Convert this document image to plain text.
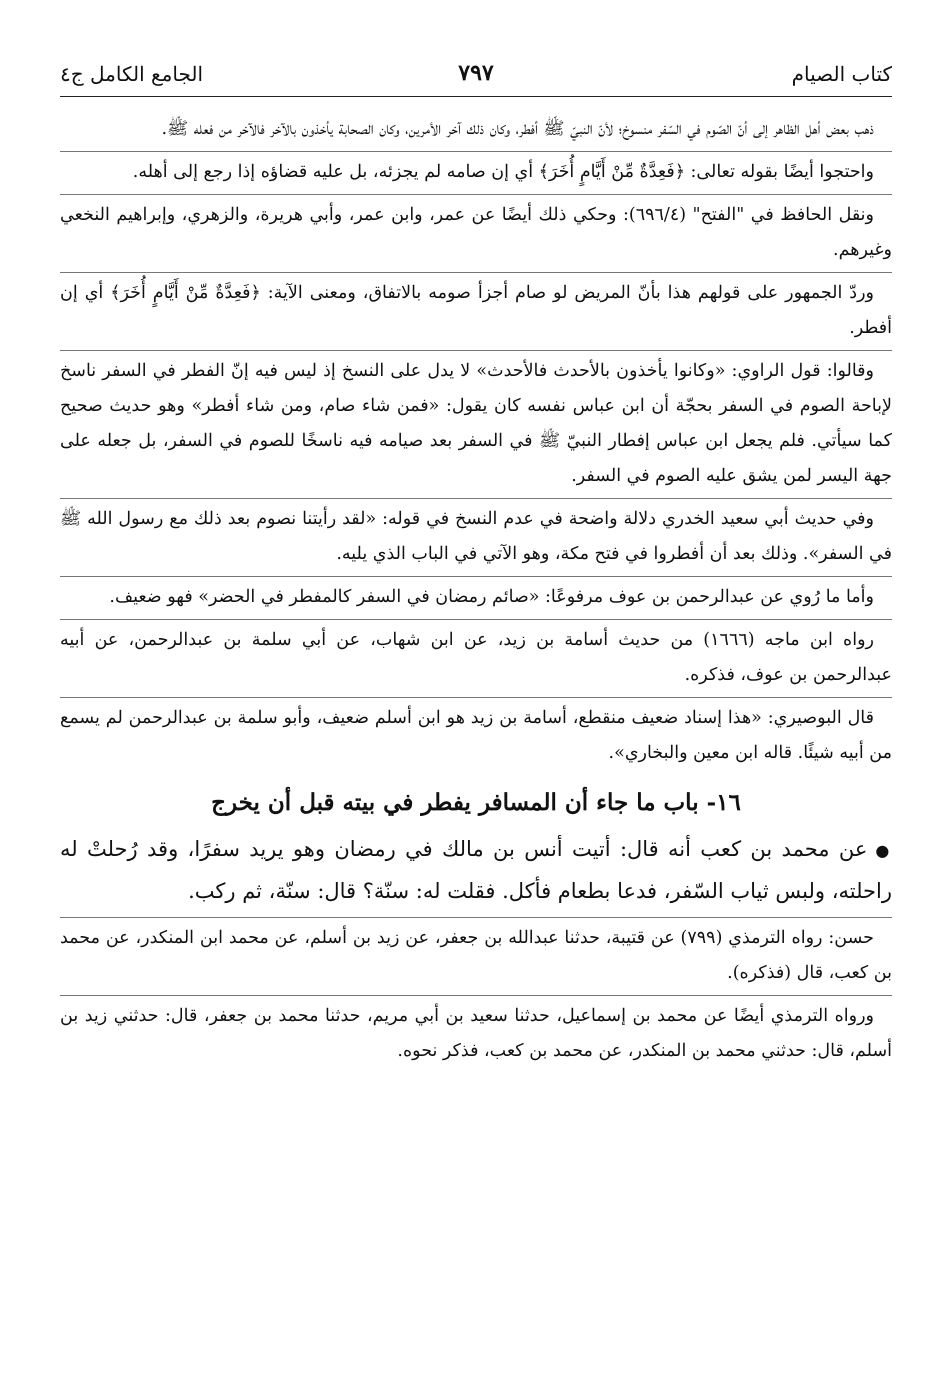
كتاب الصيام
٧٩٧
الجامع الكامل ج٤

ذهب بعض أهل الظاهر إلى أنّ الصّوم في السّفر منسوخ؛ لأنّ النبيّ ﷺ أفطر، وكان ذلك آخر الأمرين، وكان الصحابة يأخذون بالآخر فالآخر من فعله ﷺ.

واحتجوا أيضًا بقوله تعالى: ﴿فَعِدَّةٌ مِّنْ أَيَّامٍ أُخَرَ﴾ أي إن صامه لم يجزئه، بل عليه قضاؤه إذا رجع إلى أهله.

ونقل الحافظ في "الفتح" (٦٩٦/٤): وحكي ذلك أيضًا عن عمر، وابن عمر، وأبي هريرة، والزهري، وإبراهيم النخعي وغيرهم.

وردّ الجمهور على قولهم هذا بأنّ المريض لو صام أجزأ صومه بالاتفاق، ومعنى الآية: ﴿فَعِدَّةٌ مِّنْ أَيَّامٍ أُخَرَ﴾ أي إن أفطر.

وقالوا: قول الراوي: «وكانوا يأخذون بالأحدث فالأحدث» لا يدل على النسخ إذ ليس فيه إنّ الفطر في السفر ناسخ لإباحة الصوم في السفر بحجّة أن ابن عباس نفسه كان يقول: «فمن شاء صام، ومن شاء أفطر» وهو حديث صحيح كما سيأتي. فلم يجعل ابن عباس إفطار النبيّ ﷺ في السفر بعد صيامه فيه ناسخًا للصوم في السفر، بل جعله على جهة اليسر لمن يشق عليه الصوم في السفر.

وفي حديث أبي سعيد الخدري دلالة واضحة في عدم النسخ في قوله: «لقد رأيتنا نصوم بعد ذلك مع رسول الله ﷺ في السفر». وذلك بعد أن أفطروا في فتح مكة، وهو الآتي في الباب الذي يليه.

وأما ما رُوي عن عبدالرحمن بن عوف مرفوعًا: «صائم رمضان في السفر كالمفطر في الحضر» فهو ضعيف.

رواه ابن ماجه (١٦٦٦) من حديث أسامة بن زيد، عن ابن شهاب، عن أبي سلمة بن عبدالرحمن، عن أبيه عبدالرحمن بن عوف، فذكره.

قال البوصيري: «هذا إسناد ضعيف منقطع، أسامة بن زيد هو ابن أسلم ضعيف، وأبو سلمة بن عبدالرحمن لم يسمع من أبيه شيئًا. قاله ابن معين والبخاري».

١٦- باب ما جاء أن المسافر يفطر في بيته قبل أن يخرج

●عن محمد بن كعب أنه قال: أتيت أنس بن مالك في رمضان وهو يريد سفرًا، وقد رُحلتْ له راحلته، ولبس ثياب السّفر، فدعا بطعام فأكل. فقلت له: سنّة؟ قال: سنّة، ثم ركب.

حسن: رواه الترمذي (٧٩٩) عن قتيبة، حدثنا عبدالله بن جعفر، عن زيد بن أسلم، عن محمد ابن المنكدر، عن محمد بن كعب، قال (فذكره).

ورواه الترمذي أيضًا عن محمد بن إسماعيل، حدثنا سعيد بن أبي مريم، حدثنا محمد بن جعفر، قال: حدثني زيد بن أسلم، قال: حدثني محمد بن المنكدر، عن محمد بن كعب، فذكر نحوه.
